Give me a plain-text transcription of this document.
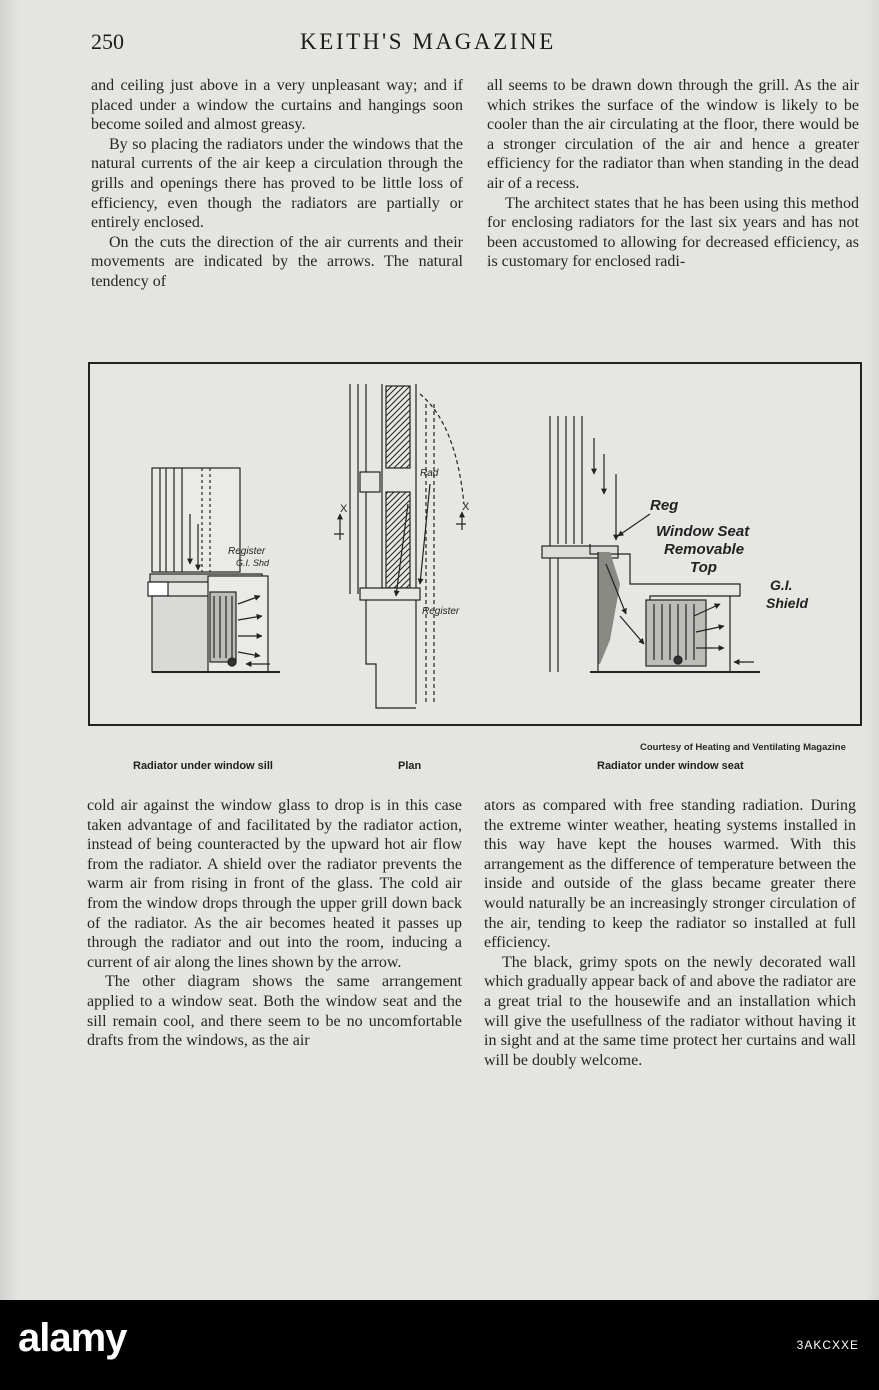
250	KEITH'S MAGAZINE

and ceiling just above in a very unpleasant way; and if placed under a window the curtains and hangings soon become soiled and almost greasy.

By so placing the radiators under the windows that the natural currents of the air keep a circulation through the grills and openings there has proved to be little loss of efficiency, even though the radiators are partially or entirely enclosed.

On the cuts the direction of the air currents and their movements are indicated by the arrows. The natural tendency of

all seems to be drawn down through the grill. As the air which strikes the surface of the window is likely to be cooler than the air circulating at the floor, there would be a stronger circulation of the air and hence a greater efficiency for the radiator than when standing in the dead air of a recess.

The architect states that he has been using this method for enclosing radiators for the last six years and has not been accustomed to allowing for decreased efficiency, as is customary for enclosed radi-

Register
G.I. Shd
Rad
X	X
Register
Reg
Window Seat
Removable
Top
G.I.
Shield
Courtesy of Heating and Ventilating Magazine
Radiator under window sill	Plan	Radiator under window seat

cold air against the window glass to drop is in this case taken advantage of and facilitated by the radiator action, instead of being counteracted by the upward hot air flow from the radiator. A shield over the radiator prevents the warm air from rising in front of the glass. The cold air from the window drops through the upper grill down back of the radiator. As the air becomes heated it passes up through the radiator and out into the room, inducing a current of air along the lines shown by the arrow.

The other diagram shows the same arrangement applied to a window seat. Both the window seat and the sill remain cool, and there seem to be no uncomfortable drafts from the windows, as the air

ators as compared with free standing radiation. During the extreme winter weather, heating systems installed in this way have kept the houses warmed. With this arrangement as the difference of temperature between the inside and outside of the glass became greater there would naturally be an increasingly stronger circulation of the air, tending to keep the radiator so installed at full efficiency.

The black, grimy spots on the newly decorated wall which gradually appear back of and above the radiator are a great trial to the housewife and an installation which will give the usefullness of the radiator without having it in sight and at the same time protect her curtains and wall will be doubly welcome.

alamy	3AKCXXE
